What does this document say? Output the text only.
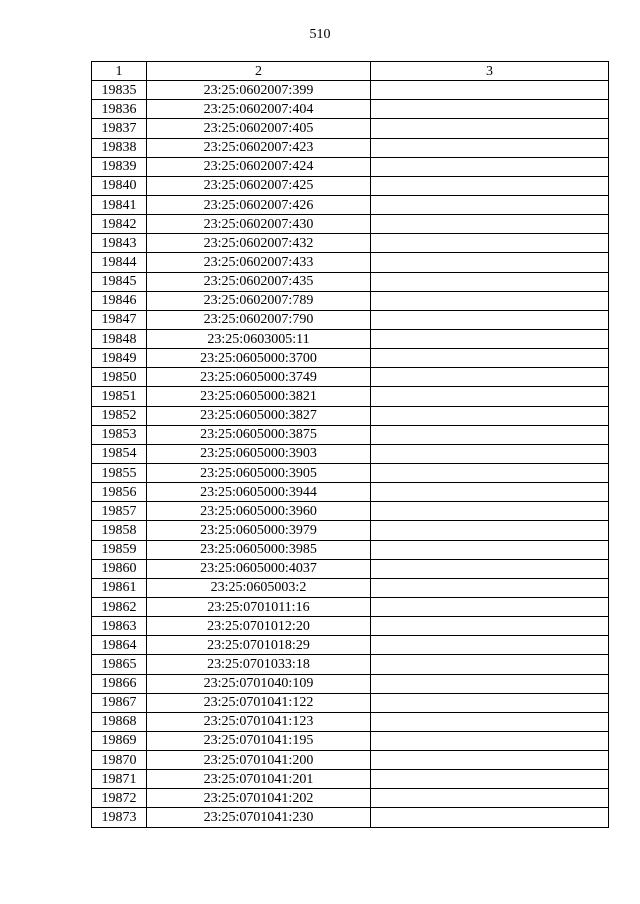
510
1	2	3
19835	23:25:0602007:399	
19836	23:25:0602007:404	
19837	23:25:0602007:405	
19838	23:25:0602007:423	
19839	23:25:0602007:424	
19840	23:25:0602007:425	
19841	23:25:0602007:426	
19842	23:25:0602007:430	
19843	23:25:0602007:432	
19844	23:25:0602007:433	
19845	23:25:0602007:435	
19846	23:25:0602007:789	
19847	23:25:0602007:790	
19848	23:25:0603005:11	
19849	23:25:0605000:3700	
19850	23:25:0605000:3749	
19851	23:25:0605000:3821	
19852	23:25:0605000:3827	
19853	23:25:0605000:3875	
19854	23:25:0605000:3903	
19855	23:25:0605000:3905	
19856	23:25:0605000:3944	
19857	23:25:0605000:3960	
19858	23:25:0605000:3979	
19859	23:25:0605000:3985	
19860	23:25:0605000:4037	
19861	23:25:0605003:2	
19862	23:25:0701011:16	
19863	23:25:0701012:20	
19864	23:25:0701018:29	
19865	23:25:0701033:18	
19866	23:25:0701040:109	
19867	23:25:0701041:122	
19868	23:25:0701041:123	
19869	23:25:0701041:195	
19870	23:25:0701041:200	
19871	23:25:0701041:201	
19872	23:25:0701041:202	
19873	23:25:0701041:230	
